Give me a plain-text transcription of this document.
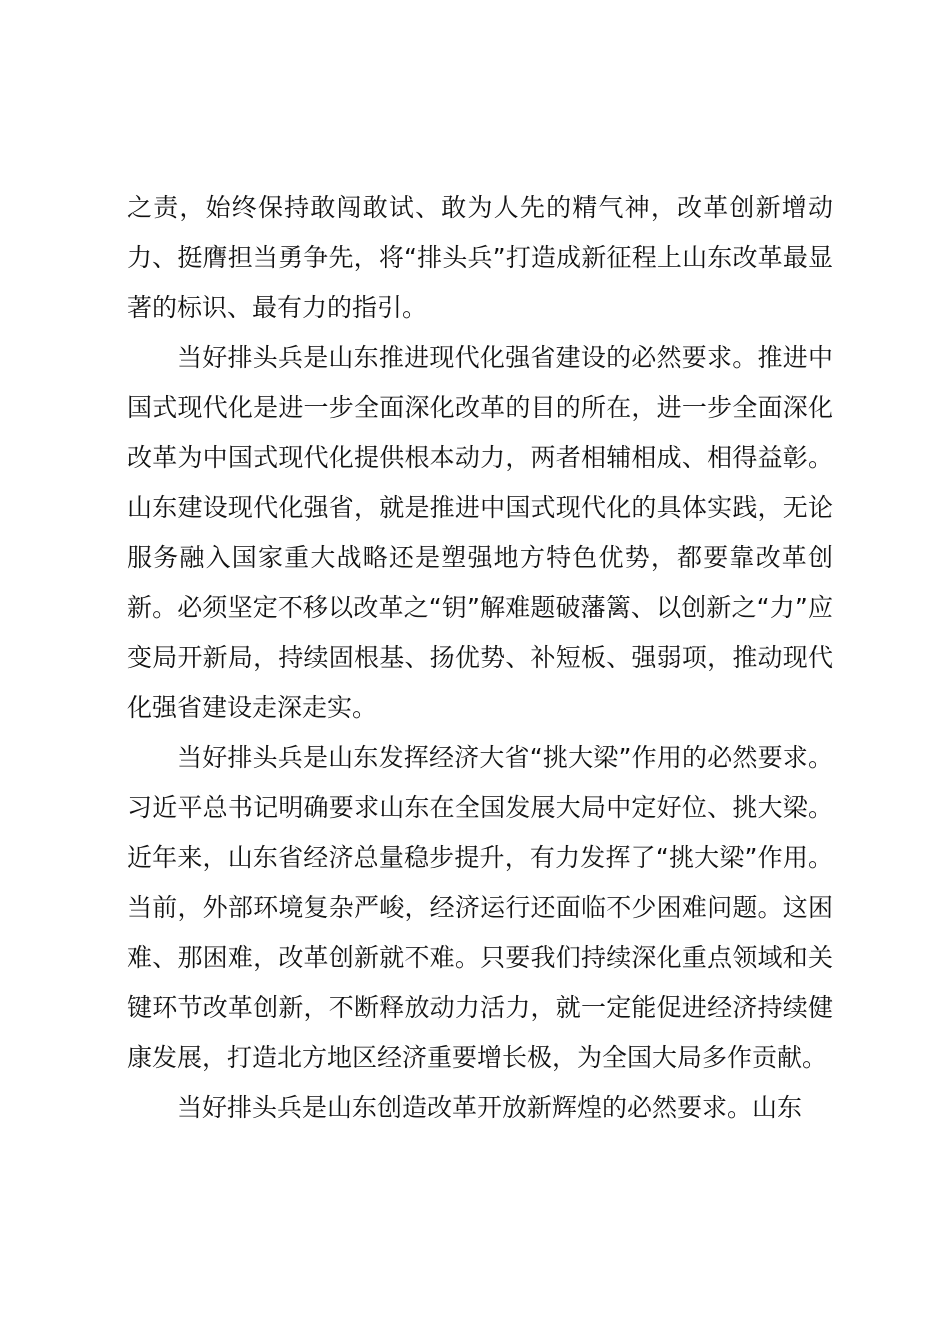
之责，始终保持敢闯敢试、敢为人先的精气神，改革创新增动力、挺膺担当勇争先，将“排头兵”打造成新征程上山东改革最显著的标识、最有力的指引。

当好排头兵是山东推进现代化强省建设的必然要求。推进中国式现代化是进一步全面深化改革的目的所在，进一步全面深化改革为中国式现代化提供根本动力，两者相辅相成、相得益彰。山东建设现代化强省，就是推进中国式现代化的具体实践，无论服务融入国家重大战略还是塑强地方特色优势，都要靠改革创新。必须坚定不移以改革之“钥”解难题破藩篱、以创新之“力”应变局开新局，持续固根基、扬优势、补短板、强弱项，推动现代化强省建设走深走实。

当好排头兵是山东发挥经济大省“挑大梁”作用的必然要求。习近平总书记明确要求山东在全国发展大局中定好位、挑大梁。近年来，山东省经济总量稳步提升，有力发挥了“挑大梁”作用。当前，外部环境复杂严峻，经济运行还面临不少困难问题。这困难、那困难，改革创新就不难。只要我们持续深化重点领域和关键环节改革创新，不断释放动力活力，就一定能促进经济持续健康发展，打造北方地区经济重要增长极，为全国大局多作贡献。

当好排头兵是山东创造改革开放新辉煌的必然要求。山东
